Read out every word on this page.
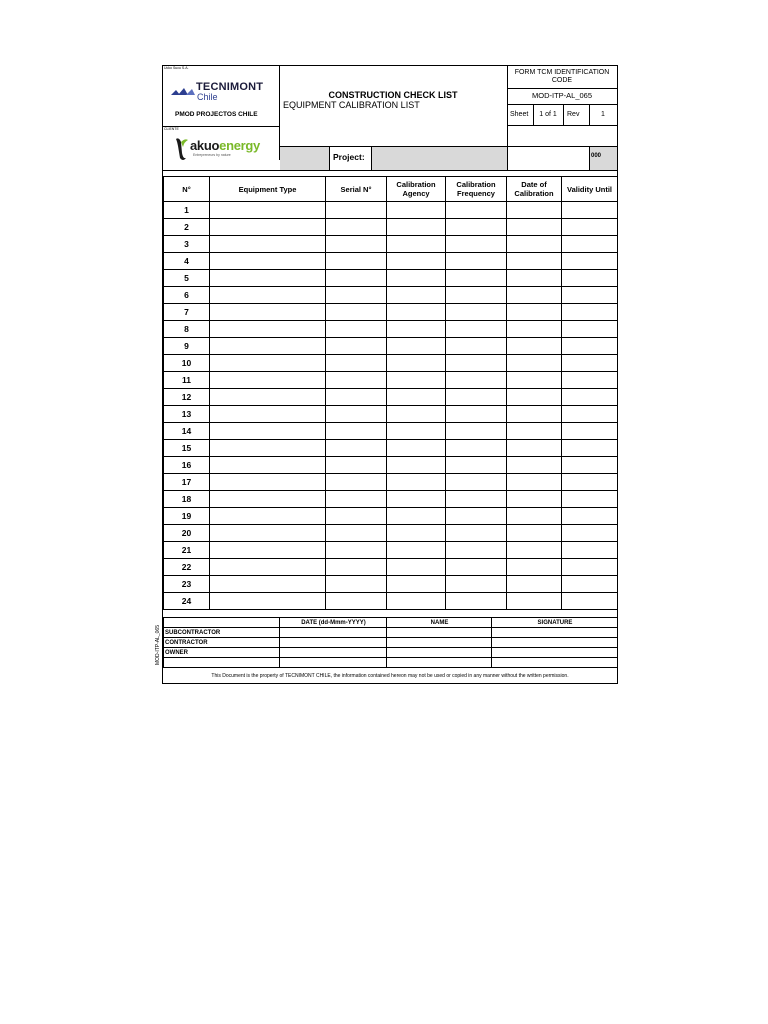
Ucko Sucu S.A.
TECNIMONT
Chile
PMOD PROJECTOS CHILE
CLIENTE
akuoenergy
Entrepreneurs by nature
CONSTRUCTION CHECK LIST
EQUIPMENT CALIBRATION LIST
FORM TCM IDENTIFICATION CODE
MOD-ITP-AL_065
Sheet	1 of 1	Rev	1
Project:	000
N°	Equipment Type	Serial N°	Calibration Agency	Calibration Frequency	Date of Calibration	Validity Until
1						
2						
3						
4						
5						
6						
7						
8						
9						
10						
11						
12						
13						
14						
15						
16						
17						
18						
19						
20						
21						
22						
23						
24						
	DATE (dd-Mmm-YYYY)	NAME	SIGNATURE
SUBCONTRACTOR			
CONTRACTOR			
OWNER			

This Document is the property of TECNIMONT CHILE, the information contained hereon may not be used or copied in any manner without the written permission.
MOD-ITP-AL_065
